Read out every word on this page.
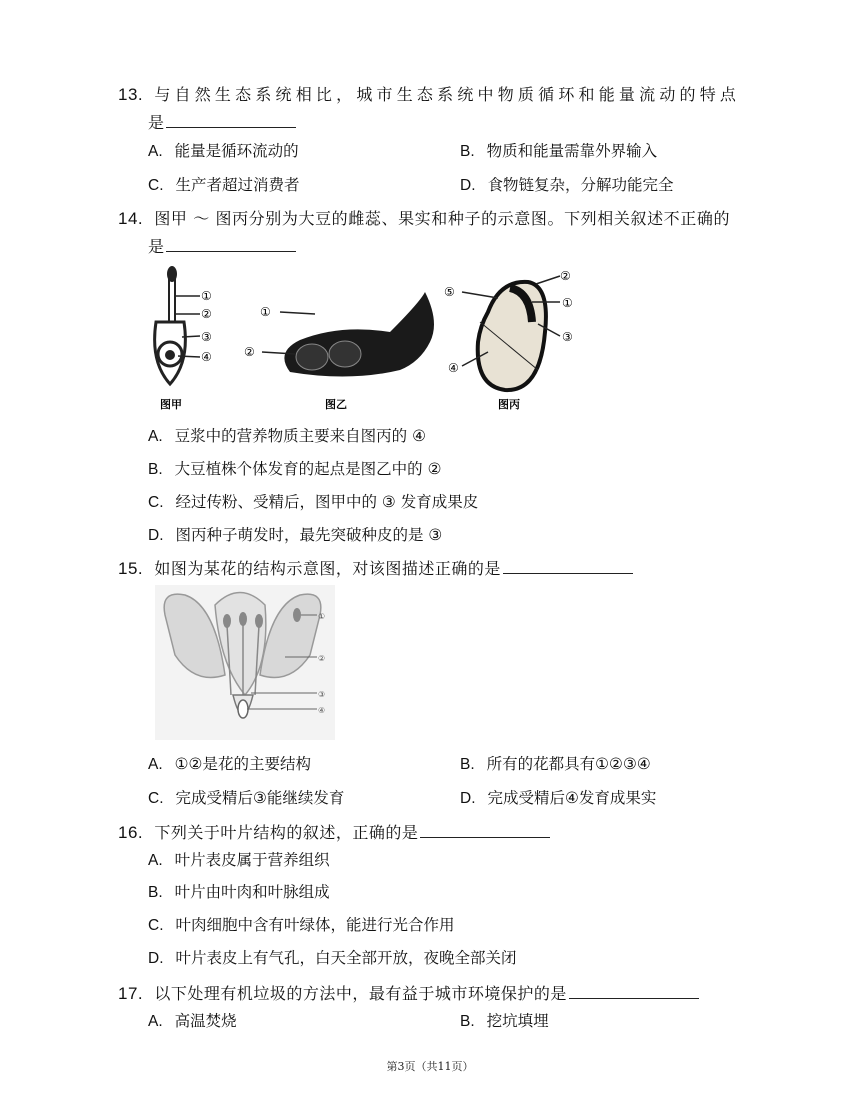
13. 与自然生态系统相比，城市生态系统中物质循环和能量流动的特点
是
A. 能量是循环流动的	B. 物质和能量需靠外界输入
C. 生产者超过消费者	D. 食物链复杂，分解功能完全
14. 图甲 ～ 图丙分别为大豆的雌蕊、果实和种子的示意图。下列相关叙述不正确的
是
①
②
③
④
图甲
①
②
图乙
⑤
②
①
③
④
图丙
A. 豆浆中的营养物质主要来自图丙的 ④
B. 大豆植株个体发育的起点是图乙中的 ②
C. 经过传粉、受精后，图甲中的 ③ 发育成果皮
D. 图丙种子萌发时，最先突破种皮的是 ③
15. 如图为某花的结构示意图，对该图描述正确的是
①
②
③
④
A. ①②是花的主要结构	B. 所有的花都具有①②③④
C. 完成受精后③能继续发育	D. 完成受精后④发育成果实
16. 下列关于叶片结构的叙述，正确的是
A. 叶片表皮属于营养组织
B. 叶片由叶肉和叶脉组成
C. 叶肉细胞中含有叶绿体，能进行光合作用
D. 叶片表皮上有气孔，白天全部开放，夜晚全部关闭
17. 以下处理有机垃圾的方法中，最有益于城市环境保护的是
A. 高温焚烧	B. 挖坑填埋
第3页（共11页）
